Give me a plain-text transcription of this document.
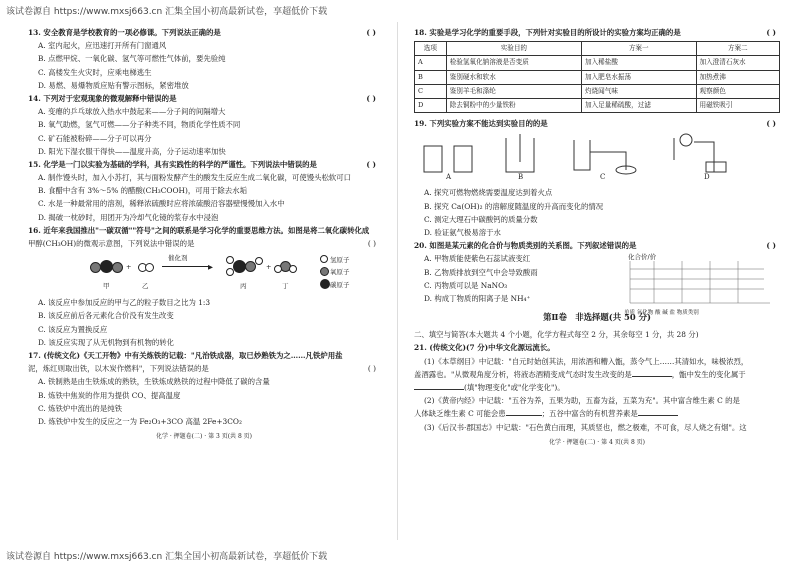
该试卷源自 https://www.mxsj663.cn 汇集全国小初高最新试卷，享超低价下载
13. 安全教育是学校教育的一项必修课。下列说法正确的是	( )
A. 室内起火，应迅速打开所有门窗通风
B. 点燃甲烷、一氧化碳、氢气等可燃性气体前，要先验纯
C. 高楼发生火灾时，应乘电梯逃生
D. 易燃、易爆物质应贴有警示图标，紧密堆放
14. 下列对于宏观现象的微观解释中错误的是	( )
A. 变瘪的乒乓球放入热水中鼓起来——分子间的间隔增大
B. 氧气助燃，氢气可燃——分子种类不同，物质化学性质不同
C. 矿石能被粉碎——分子可以再分
D. 阳光下湿衣服干得快——温度升高，分子运动速率加快
15. 化学是一门以实验为基础的学科，具有实践性的科学的严谨性。下列说法中错误的是	( )
A. 制作馒头时，加入小苏打，其与面粉发酵产生的酸发生反应生成二氧化碳，可使馒头松软可口
B. 食醋中含有 3%～5% 的醋酸(CH₃COOH)，可用于除去水垢
C. 水是一种最常用的溶剂，稀释浓硫酸时应将浓硫酸沿容器壁慢慢加入水中
D. 揭破一枕砂时，用团开为冷却气化镜的浆存水中浸泡
16. 近年来我国推出"一碳双循""符号"之间的联系是学习化学的重要思维方法。如图是将二氧化碳转化成
甲醇(CH₃OH)的微观示意图，下列说法中错误的是	( )
+
催化剂
▶	+
甲	乙	丙	丁
氢原子
氧原子
碳原子
A. 该反应中参加反应的甲与乙的粒子数目之比为 1:3
B. 该反应前后各元素化合价没有发生改变
C. 该反应为置换反应
D. 该反应实现了从无机物到有机物的转化
17. (传统文化)《天工开物》中有关炼铁的记载："凡治铁成器，取已炒熟铁为之……凡铁炉用盐
泥，炼红则取出铁，以木炭作燃料"，下列说法错误的是	( )
A. 铁制熟是由生铁炼成的熟铁，生铁炼成熟铁的过程中降低了碳的含量
B. 炼铁中焦炭的作用为提供 CO、提高温度
C. 炼铁炉中流出的是纯铁
D. 炼铁炉中发生的反应之一为 Fe₂O₃+3CO 高温 2Fe+3CO₂
化学 · 押题卷(二) · 第 3 页(共 8 页)
18. 实验是学习化学的重要手段，下列针对实验目的所设计的实验方案均正确的是	( )
选项	实验目的	方案一	方案二
A	检验氢氧化钠溶液是否变质	加入稀盐酸	加入澄清石灰水
B	鉴别硬水和软水	加入肥皂水振荡	加热煮沸
C	鉴别羊毛和涤纶	灼烧闻气味	观察颜色
D	除去铜粉中的少量铁粉	加入足量稀硫酸，过滤	用磁铁吸引
19. 下列实验方案不能达到实验目的的是	( )
A	B	C	D
A. 探究可燃物燃烧需要温度达到着火点
B. 探究 Ca(OH)₂ 的溶解度随温度的升高而变化的情况
C. 测定大理石中碳酸钙的质量分数
D. 验证氨气极易溶于水
20. 如图是某元素的化合价与物质类别的关系图。下列叙述错误的是	( )
A. 甲物质能使紫色石蕊试液变红
B. 乙物质排放到空气中会导致酸雨
C. 丙物质可以是 NaNO₃
D. 构成丁物质的阳离子是 NH₄⁺
化合价/价
单质 氧化物 酸 碱 盐 物质类别
第Ⅱ卷　非选择题(共 50 分)
二、填空与简答(本大题共 4 个小题，化学方程式每空 2 分，其余每空 1 分，共 28 分)
21. (传统文化)(7 分)中华文化源远流长。
(1)《本草纲目》中记载："自元时始创其法，用浓酒和糟入甑，蒸令气上……其清如水，味极浓烈，
盖酒露也。"从微观角度分析，将液态酒精变成气态时发生改变的是	，甑中发生的变化属于
(填"物理变化"或"化学变化")。
(2)《黄帝内经》中记载："五谷为养，五果为助，五畜为益，五菜为充"。其中富含维生素 C 的是
人体缺乏维生素 C 可能会患	；五谷中富含的有机营养素是
(3)《后汉书·郡国志》中记载："石色黄白而理，其质竖也，燃之极难，不可食，尽人烧之有烟"。这
化学 · 押题卷(二) · 第 4 页(共 8 页)
该试卷源自 https://www.mxsj663.cn 汇集全国小初高最新试卷，享超低价下载
